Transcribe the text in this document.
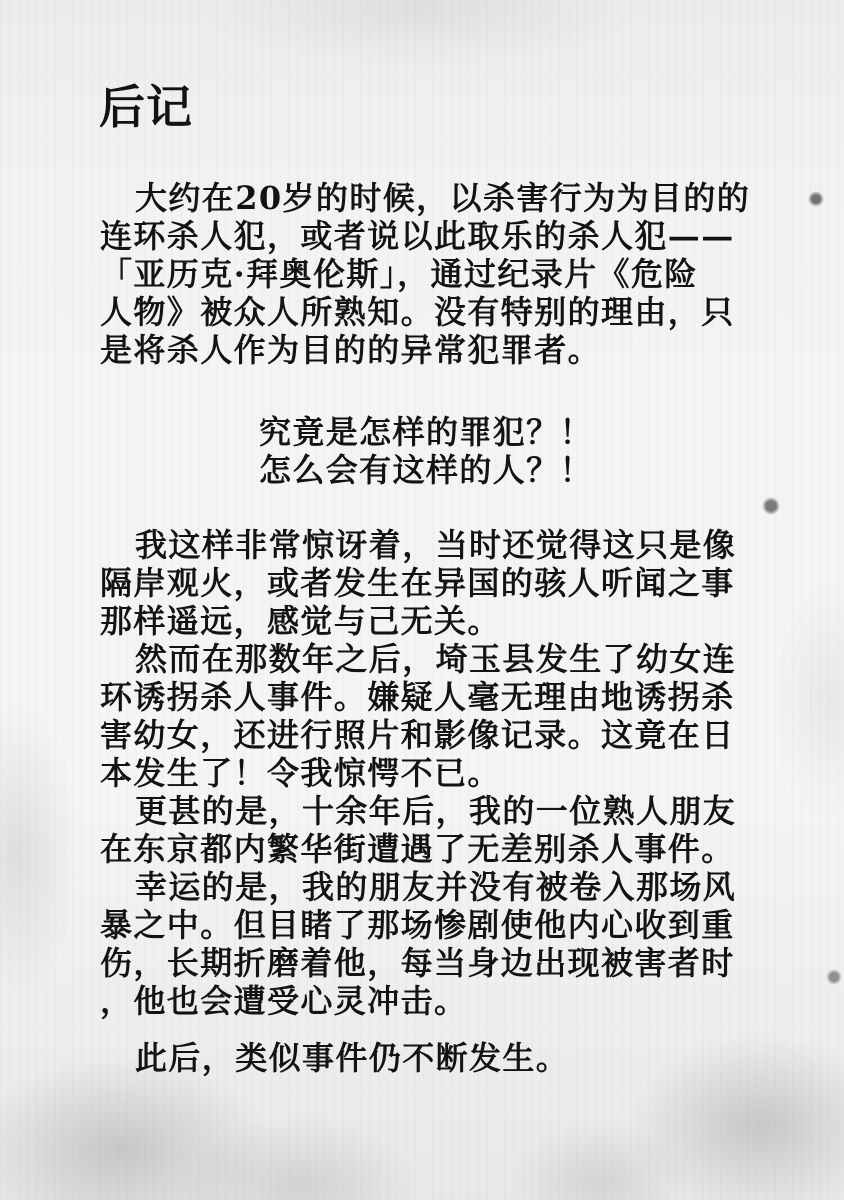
后记
大约在20岁的时候，以杀害行为为目的的
连环杀人犯，或者说以此取乐的杀人犯——
「亚历克·拜奥伦斯」，通过纪录片《危险
人物》被众人所熟知。没有特别的理由，只
是将杀人作为目的的异常犯罪者。
究竟是怎样的罪犯？！
怎么会有这样的人？！
我这样非常惊讶着，当时还觉得这只是像
隔岸观火，或者发生在异国的骇人听闻之事
那样遥远，感觉与己无关。
然而在那数年之后，埼玉县发生了幼女连
环诱拐杀人事件。嫌疑人毫无理由地诱拐杀
害幼女，还进行照片和影像记录。这竟在日
本发生了！令我惊愕不已。
更甚的是，十余年后，我的一位熟人朋友
在东京都内繁华街遭遇了无差别杀人事件。
幸运的是，我的朋友并没有被卷入那场风
暴之中。但目睹了那场惨剧使他内心收到重
伤，长期折磨着他，每当身边出现被害者时
，他也会遭受心灵冲击。
此后，类似事件仍不断发生。
